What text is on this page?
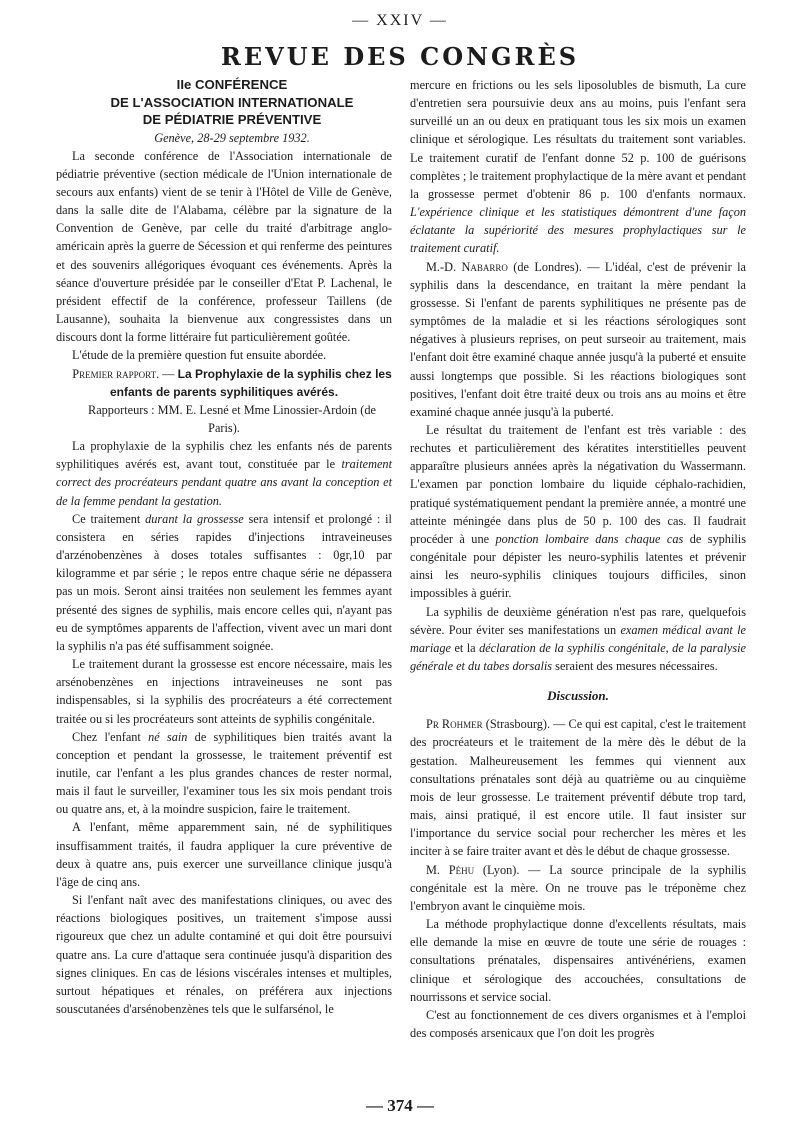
— XXIV —
REVUE DES CONGRÈS

IIe CONFÉRENCE

DE L'ASSOCIATION INTERNATIONALE

DE PÉDIATRIE PRÉVENTIVE

Genève, 28-29 septembre 1932.

La seconde conférence de l'Association internationale de pédiatrie préventive (section médicale de l'Union internationale de secours aux enfants) vient de se tenir à l'Hôtel de Ville de Genève, dans la salle dite de l'Alabama, célèbre par la signature de la Convention de Genève, par celle du traité d'arbitrage anglo-américain après la guerre de Sécession et qui renferme des peintures et des souvenirs allégoriques évoquant ces événements. Après la séance d'ouverture présidée par le conseiller d'Etat P. Lachenal, le président effectif de la conférence, professeur Taillens (de Lausanne), souhaita la bienvenue aux congressistes dans un discours dont la forme littéraire fut particulièrement goûtée.

L'étude de la première question fut ensuite abordée.

Premier rapport. — La Prophylaxie de la syphilis chez les enfants de parents syphilitiques avérés.

Rapporteurs : MM. E. Lesné et Mme Linossier-Ardoin (de Paris).

La prophylaxie de la syphilis chez les enfants nés de parents syphilitiques avérés est, avant tout, constituée par le traitement correct des procréateurs pendant quatre ans avant la conception et de la femme pendant la gestation.

Ce traitement durant la grossesse sera intensif et prolongé : il consistera en séries rapides d'injections intraveineuses d'arzénobenzènes à doses totales suffisantes : 0gr,10 par kilogramme et par série ; le repos entre chaque série ne dépassera pas un mois. Seront ainsi traitées non seulement les femmes ayant présenté des signes de syphilis, mais encore celles qui, n'ayant pas eu de symptômes apparents de l'affection, vivent avec un mari dont la syphilis n'a pas été suffisamment soignée.

Le traitement durant la grossesse est encore nécessaire, mais les arsénobenzènes en injections intraveineuses ne sont pas indispensables, si la syphilis des procréateurs a été correctement traitée ou si les procréateurs sont atteints de syphilis congénitale.

Chez l'enfant né sain de syphilitiques bien traités avant la conception et pendant la grossesse, le traitement préventif est inutile, car l'enfant a les plus grandes chances de rester normal, mais il faut le surveiller, l'examiner tous les six mois pendant trois ou quatre ans, et, à la moindre suspicion, faire le traitement.

A l'enfant, même apparemment sain, né de syphilitiques insuffisamment traités, il faudra appliquer la cure préventive de deux à quatre ans, puis exercer une surveillance clinique jusqu'à l'âge de cinq ans.

Si l'enfant naît avec des manifestations cliniques, ou avec des réactions biologiques positives, un traitement s'impose aussi rigoureux que chez un adulte contaminé et qui doit être poursuivi quatre ans. La cure d'attaque sera continuée jusqu'à disparition des signes cliniques. En cas de lésions viscérales intenses et multiples, surtout hépatiques et rénales, on préférera aux injections souscutanées d'arsénobenzènes tels que le sulfarsénol, le

mercure en frictions ou les sels liposolubles de bismuth, La cure d'entretien sera poursuivie deux ans au moins, puis l'enfant sera surveillé un an ou deux en pratiquant tous les six mois un examen clinique et sérologique. Les résultats du traitement sont variables. Le traitement curatif de l'enfant donne 52 p. 100 de guérisons complètes ; le traitement prophylactique de la mère avant et pendant la grossesse permet d'obtenir 86 p. 100 d'enfants normaux. L'expérience clinique et les statistiques démontrent d'une façon éclatante la supériorité des mesures prophylactiques sur le traitement curatif.

M.-D. Nabarro (de Londres). — L'idéal, c'est de prévenir la syphilis dans la descendance, en traitant la mère pendant la grossesse. Si l'enfant de parents syphilitiques ne présente pas de symptômes de la maladie et si les réactions sérologiques sont négatives à plusieurs reprises, on peut surseoir au traitement, mais l'enfant doit être examiné chaque année jusqu'à la puberté et ensuite aussi longtemps que possible. Si les réactions biologiques sont positives, l'enfant doit être traité deux ou trois ans au moins et être examiné chaque année jusqu'à la puberté.

Le résultat du traitement de l'enfant est très variable : des rechutes et particulièrement des kératites interstitielles peuvent apparaître plusieurs années après la négativation du Wassermann. L'examen par ponction lombaire du liquide céphalo-rachidien, pratiqué systématiquement pendant la première année, a montré une atteinte méningée dans plus de 50 p. 100 des cas. Il faudrait procéder à une ponction lombaire dans chaque cas de syphilis congénitale pour dépister les neuro-syphilis latentes et prévenir ainsi les neuro-syphilis cliniques toujours difficiles, sinon impossibles à guérir.

La syphilis de deuxième génération n'est pas rare, quelquefois sévère. Pour éviter ses manifestations un examen médical avant le mariage et la déclaration de la syphilis congénitale, de la paralysie générale et du tabes dorsalis seraient des mesures nécessaires.

Discussion.

Pr Rohmer (Strasbourg). — Ce qui est capital, c'est le traitement des procréateurs et le traitement de la mère dès le début de la gestation. Malheureusement les femmes qui viennent aux consultations prénatales sont déjà au quatrième ou au cinquième mois de leur grossesse. Le traitement préventif débute trop tard, mais, ainsi pratiqué, il est encore utile. Il faut insister sur l'importance du service social pour rechercher les mères et les inciter à se faire traiter avant et dès le début de chaque grossesse.

M. Péhu (Lyon). — La source principale de la syphilis congénitale est la mère. On ne trouve pas le tréponème chez l'embryon avant le cinquième mois.

La méthode prophylactique donne d'excellents résultats, mais elle demande la mise en œuvre de toute une série de rouages : consultations prénatales, dispensaires antivénériens, examen clinique et sérologique des accouchées, consultations de nourrissons et service social.

C'est au fonctionnement de ces divers organismes et à l'emploi des composés arsenicaux que l'on doit les progrès

— 374 —
